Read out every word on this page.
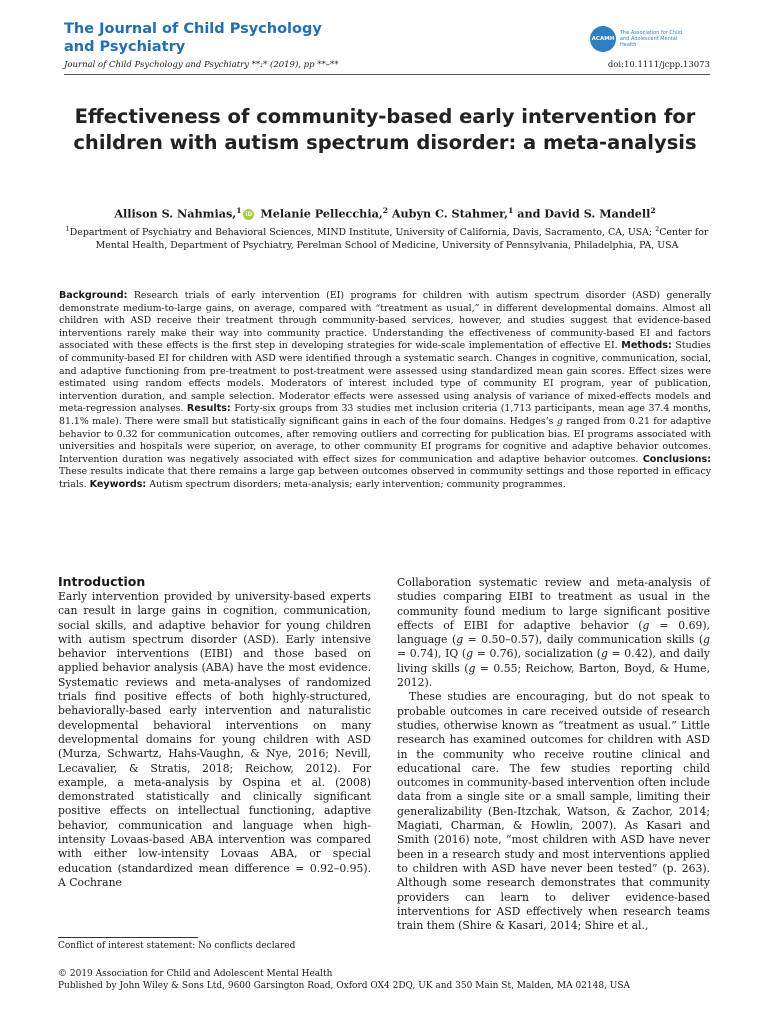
The Journal of Child Psychology and Psychiatry	ACAMH
The Association for Child and Adolescent Mental Health
Journal of Child Psychology and Psychiatry **:* (2019), pp **–**	doi:10.1111/jcpp.13073
Effectiveness of community-based early intervention for children with autism spectrum disorder: a meta-analysis
Allison S. Nahmias,$^1$ iD Melanie Pellecchia,$^2$ Aubyn C. Stahmer,$^1$ and David S. Mandell$^2$
$^1$Department of Psychiatry and Behavioral Sciences, MIND Institute, University of California, Davis, Sacramento, CA, USA; $^2$Center for Mental Health, Department of Psychiatry, Perelman School of Medicine, University of Pennsylvania, Philadelphia, PA, USA

Background: Research trials of early intervention (EI) programs for children with autism spectrum disorder (ASD) generally demonstrate medium-to-large gains, on average, compared with “treatment as usual,” in different developmental domains. Almost all children with ASD receive their treatment through community-based services, however, and studies suggest that evidence-based interventions rarely make their way into community practice. Understanding the effectiveness of community-based EI and factors associated with these effects is the first step in developing strategies for wide-scale implementation of effective EI. Methods: Studies of community-based EI for children with ASD were identified through a systematic search. Changes in cognitive, communication, social, and adaptive functioning from pre-treatment to post-treatment were assessed using standardized mean gain scores. Effect sizes were estimated using random effects models. Moderators of interest included type of community EI program, year of publication, intervention duration, and sample selection. Moderator effects were assessed using analysis of variance of mixed-effects models and meta-regression analyses. Results: Forty-six groups from 33 studies met inclusion criteria (1,713 participants, mean age 37.4 months, 81.1% male). There were small but statistically significant gains in each of the four domains. Hedges’s g ranged from 0.21 for adaptive behavior to 0.32 for communication outcomes, after removing outliers and correcting for publication bias. EI programs associated with universities and hospitals were superior, on average, to other community EI programs for cognitive and adaptive behavior outcomes. Intervention duration was negatively associated with effect sizes for communication and adaptive behavior outcomes. Conclusions: These results indicate that there remains a large gap between outcomes observed in community settings and those reported in efficacy trials. Keywords: Autism spectrum disorders; meta-analysis; early intervention; community programmes.

Introduction

Early intervention provided by university-based experts can result in large gains in cognition, communication, social skills, and adaptive behavior for young children with autism spectrum disorder (ASD). Early intensive behavior interventions (EIBI) and those based on applied behavior analysis (ABA) have the most evidence. Systematic reviews and meta-analyses of randomized trials find positive effects of both highly-structured, behaviorally-based early intervention and naturalistic developmental behavioral interventions on many developmental domains for young children with ASD (Murza, Schwartz, Hahs-Vaughn, & Nye, 2016; Nevill, Lecavalier, & Stratis, 2018; Reichow, 2012). For example, a meta-analysis by Ospina et al. (2008) demonstrated statistically and clinically significant positive effects on intellectual functioning, adaptive behavior, communication and language when high-intensity Lovaas-based ABA intervention was compared with either low-intensity Lovaas ABA, or special education (standardized mean difference = 0.92–0.95). A Cochrane

Collaboration systematic review and meta-analysis of studies comparing EIBI to treatment as usual in the community found medium to large significant positive effects of EIBI for adaptive behavior (g = 0.69), language (g = 0.50–0.57), daily communication skills (g = 0.74), IQ (g = 0.76), socialization (g = 0.42), and daily living skills (g = 0.55; Reichow, Barton, Boyd, & Hume, 2012).

These studies are encouraging, but do not speak to probable outcomes in care received outside of research studies, otherwise known as “treatment as usual.” Little research has examined outcomes for children with ASD in the community who receive routine clinical and educational care. The few studies reporting child outcomes in community-based intervention often include data from a single site or a small sample, limiting their generalizability (Ben-Itzchak, Watson, & Zachor, 2014; Magiati, Charman, & Howlin, 2007). As Kasari and Smith (2016) note, “most children with ASD have never been in a research study and most interventions applied to children with ASD have never been tested” (p. 263). Although some research demonstrates that community providers can learn to deliver evidence-based interventions for ASD effectively when research teams train them (Shire & Kasari, 2014; Shire et al.,

Conflict of interest statement: No conflicts declared
© 2019 Association for Child and Adolescent Mental Health
Published by John Wiley & Sons Ltd, 9600 Garsington Road, Oxford OX4 2DQ, UK and 350 Main St, Malden, MA 02148, USA
